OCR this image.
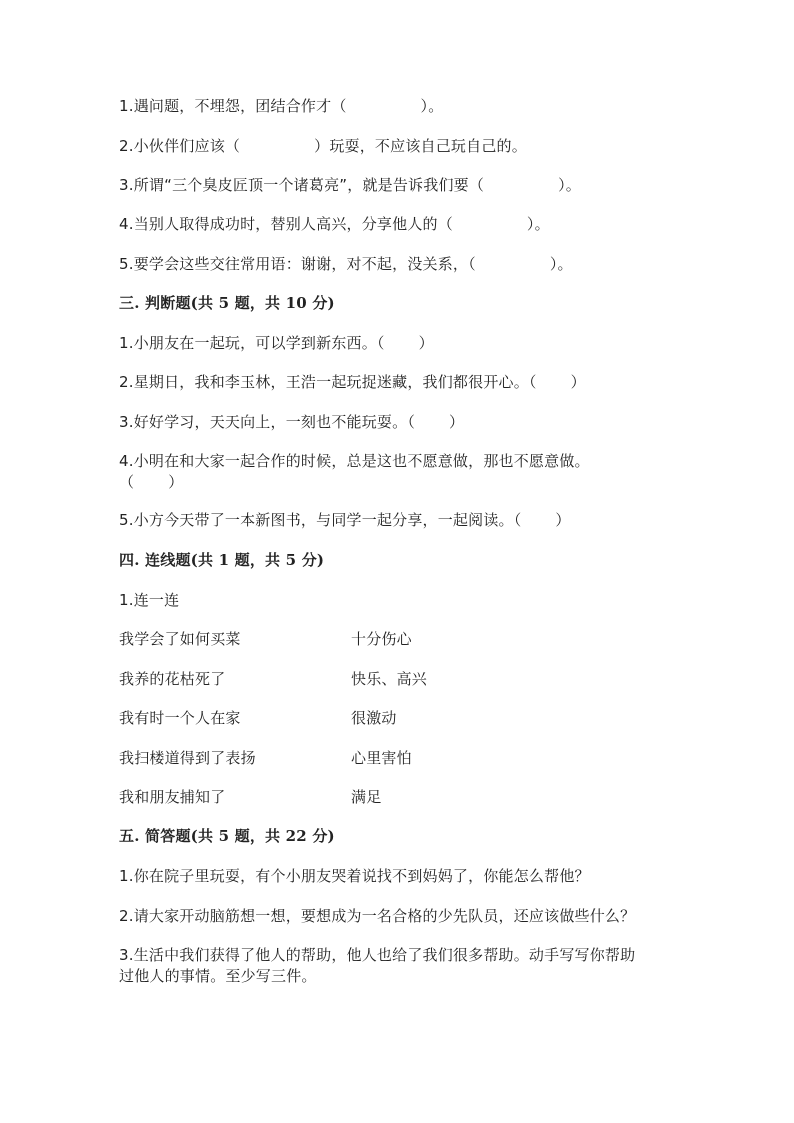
1.遇问题，不埋怨，团结合作才（	）。
2.小伙伴们应该（	）玩耍，不应该自己玩自己的。
3.所谓“三个臭皮匠顶一个诸葛亮”，就是告诉我们要（	）。
4.当别人取得成功时，替别人高兴，分享他人的（	）。
5.要学会这些交往常用语：谢谢，对不起，没关系，（	）。
三. 判断题(共 5 题，共 10 分)
1.小朋友在一起玩，可以学到新东西。（ ）
2.星期日，我和李玉林，王浩一起玩捉迷藏，我们都很开心。（ ）
3.好好学习，天天向上，一刻也不能玩耍。（ ）
4.小明在和大家一起合作的时候，总是这也不愿意做，那也不愿意做。
（ ）
5.小方今天带了一本新图书，与同学一起分享，一起阅读。（ ）
四. 连线题(共 1 题，共 5 分)
1.连一连
我学会了如何买菜	十分伤心
我养的花枯死了	快乐、高兴
我有时一个人在家	很激动
我扫楼道得到了表扬	心里害怕
我和朋友捕知了	满足
五. 简答题(共 5 题，共 22 分)
1.你在院子里玩耍，有个小朋友哭着说找不到妈妈了，你能怎么帮他？
2.请大家开动脑筋想一想，要想成为一名合格的少先队员，还应该做些什么？
3.生活中我们获得了他人的帮助，他人也给了我们很多帮助。动手写写你帮助
过他人的事情。至少写三件。
